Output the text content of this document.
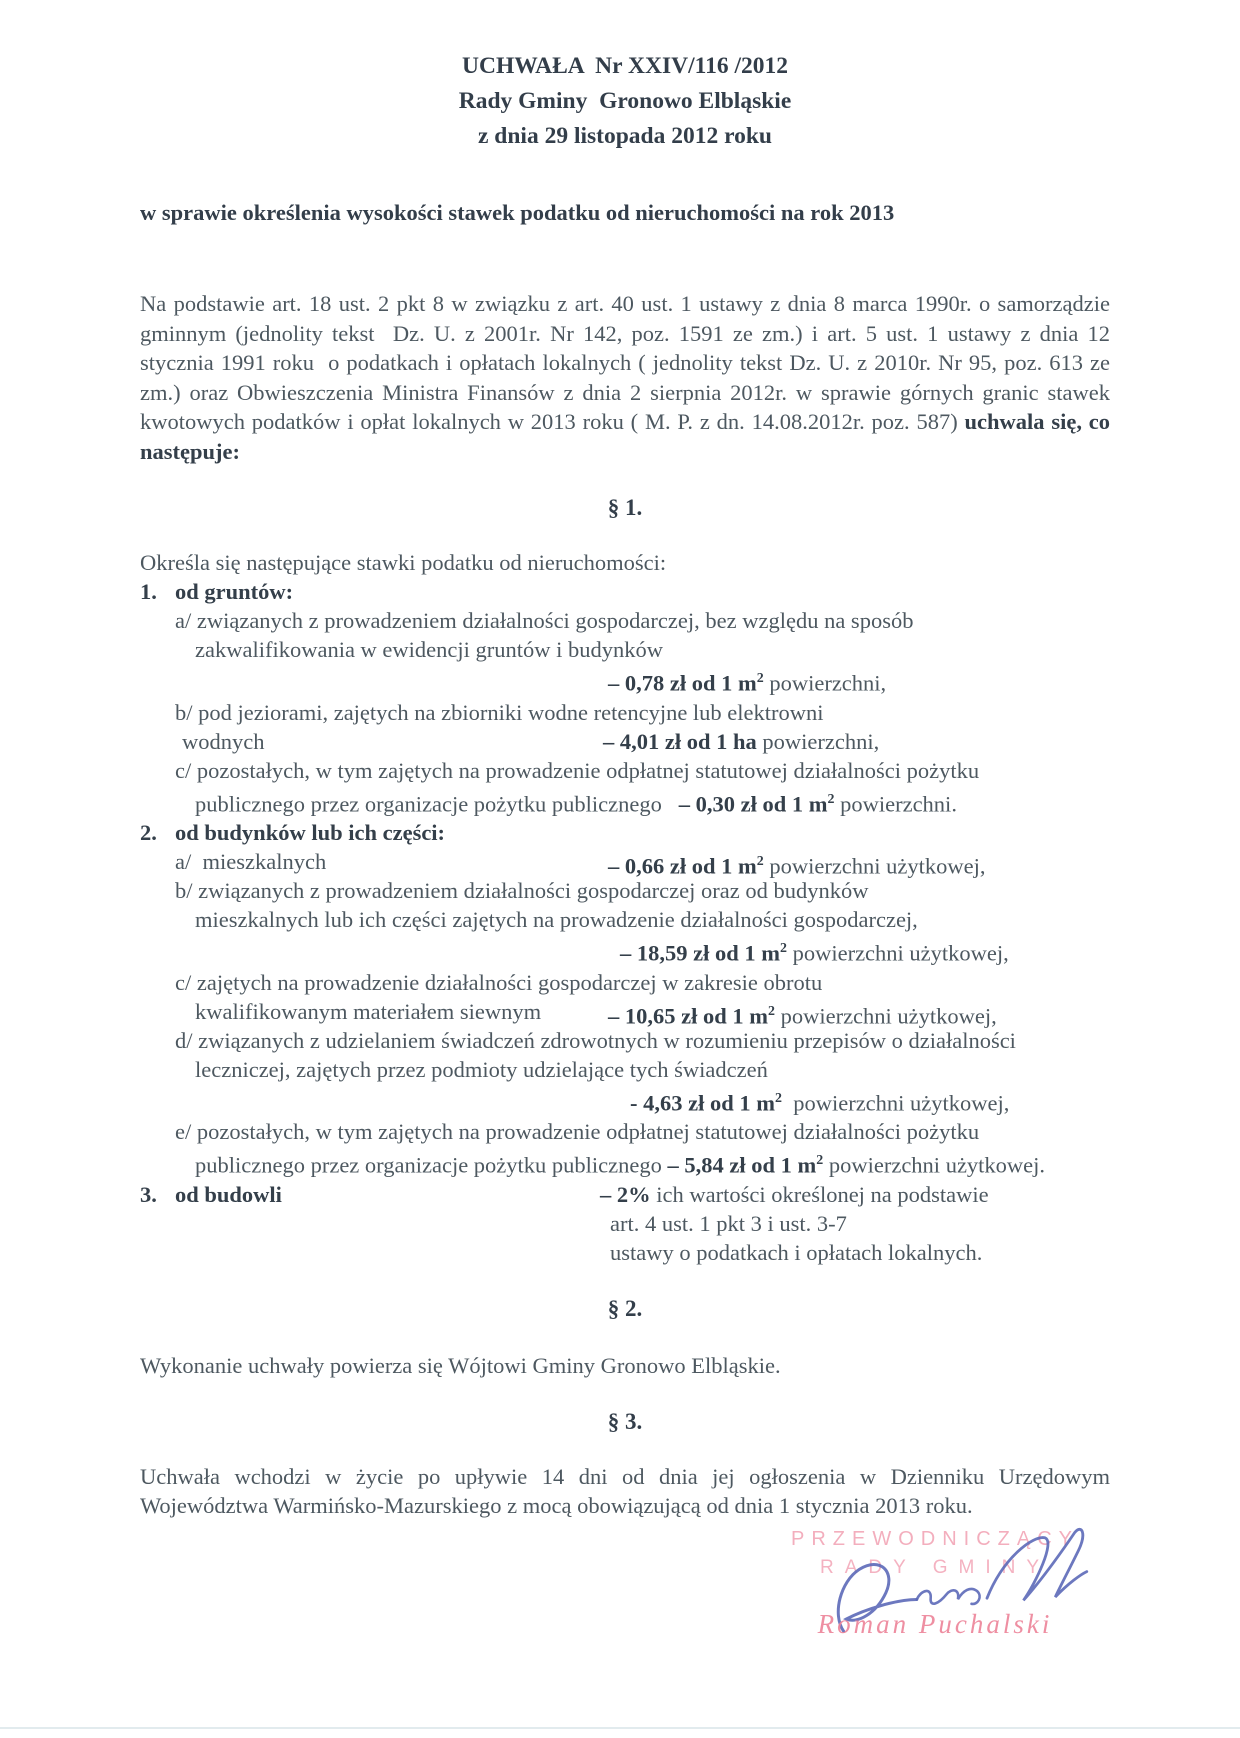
UCHWAŁA  Nr XXIV/116 /2012
Rady Gminy  Gronowo Elbląskie
z dnia 29 listopada 2012 roku
w sprawie określenia wysokości stawek podatku od nieruchomości na rok 2013
Na podstawie art. 18 ust. 2 pkt 8 w związku z art. 40 ust. 1 ustawy z dnia 8 marca 1990r. o samorządzie gminnym (jednolity tekst  Dz. U. z 2001r. Nr 142, poz. 1591 ze zm.) i art. 5 ust. 1 ustawy z dnia 12 stycznia 1991 roku  o podatkach i opłatach lokalnych ( jednolity tekst Dz. U. z 2010r. Nr 95, poz. 613 ze zm.) oraz Obwieszczenia Ministra Finansów z dnia 2 sierpnia 2012r. w sprawie górnych granic stawek kwotowych podatków i opłat lokalnych w 2013 roku ( M. P. z dn. 14.08.2012r. poz. 587) uchwala się, co następuje:
§ 1.
Określa się następujące stawki podatku od nieruchomości:
1. od gruntów:
a/ związanych z prowadzeniem działalności gospodarczej, bez względu na sposób
zakwalifikowania w ewidencji gruntów i budynków
– 0,78 zł od 1 $m^2$ powierzchni,
b/ pod jeziorami, zajętych na zbiorniki wodne retencyjne lub elektrowni
wodnych	– 4,01 zł od 1 ha powierzchni,
c/ pozostałych, w tym zajętych na prowadzenie odpłatnej statutowej działalności pożytku
publicznego przez organizacje pożytku publicznego   – 0,30 zł od 1 $m^2$ powierzchni.
2. od budynków lub ich części:
a/  mieszkalnych	– 0,66 zł od 1 $m^2$ powierzchni użytkowej,
b/ związanych z prowadzeniem działalności gospodarczej oraz od budynków
mieszkalnych lub ich części zajętych na prowadzenie działalności gospodarczej,
– 18,59 zł od 1 $m^2$ powierzchni użytkowej,
c/ zajętych na prowadzenie działalności gospodarczej w zakresie obrotu
kwalifikowanym materiałem siewnym	– 10,65 zł od 1 $m^2$ powierzchni użytkowej,
d/ związanych z udzielaniem świadczeń zdrowotnych w rozumieniu przepisów o działalności
leczniczej, zajętych przez podmioty udzielające tych świadczeń
- 4,63 zł od 1 $m^2$  powierzchni użytkowej,
e/ pozostałych, w tym zajętych na prowadzenie odpłatnej statutowej działalności pożytku
publicznego przez organizacje pożytku publicznego – 5,84 zł od 1 $m^2$ powierzchni użytkowej.
3. od budowli	– 2% ich wartości określonej na podstawie
art. 4 ust. 1 pkt 3 i ust. 3-7
ustawy o podatkach i opłatach lokalnych.
§ 2.
Wykonanie uchwały powierza się Wójtowi Gminy Gronowo Elbląskie.
§ 3.
Uchwała wchodzi w życie po upływie 14 dni od dnia jej ogłoszenia w Dzienniku Urzędowym Województwa Warmińsko-Mazurskiego z mocą obowiązującą od dnia 1 stycznia 2013 roku.
PRZEWODNICZĄCY
RADY GMINY
Roman Puchalski
